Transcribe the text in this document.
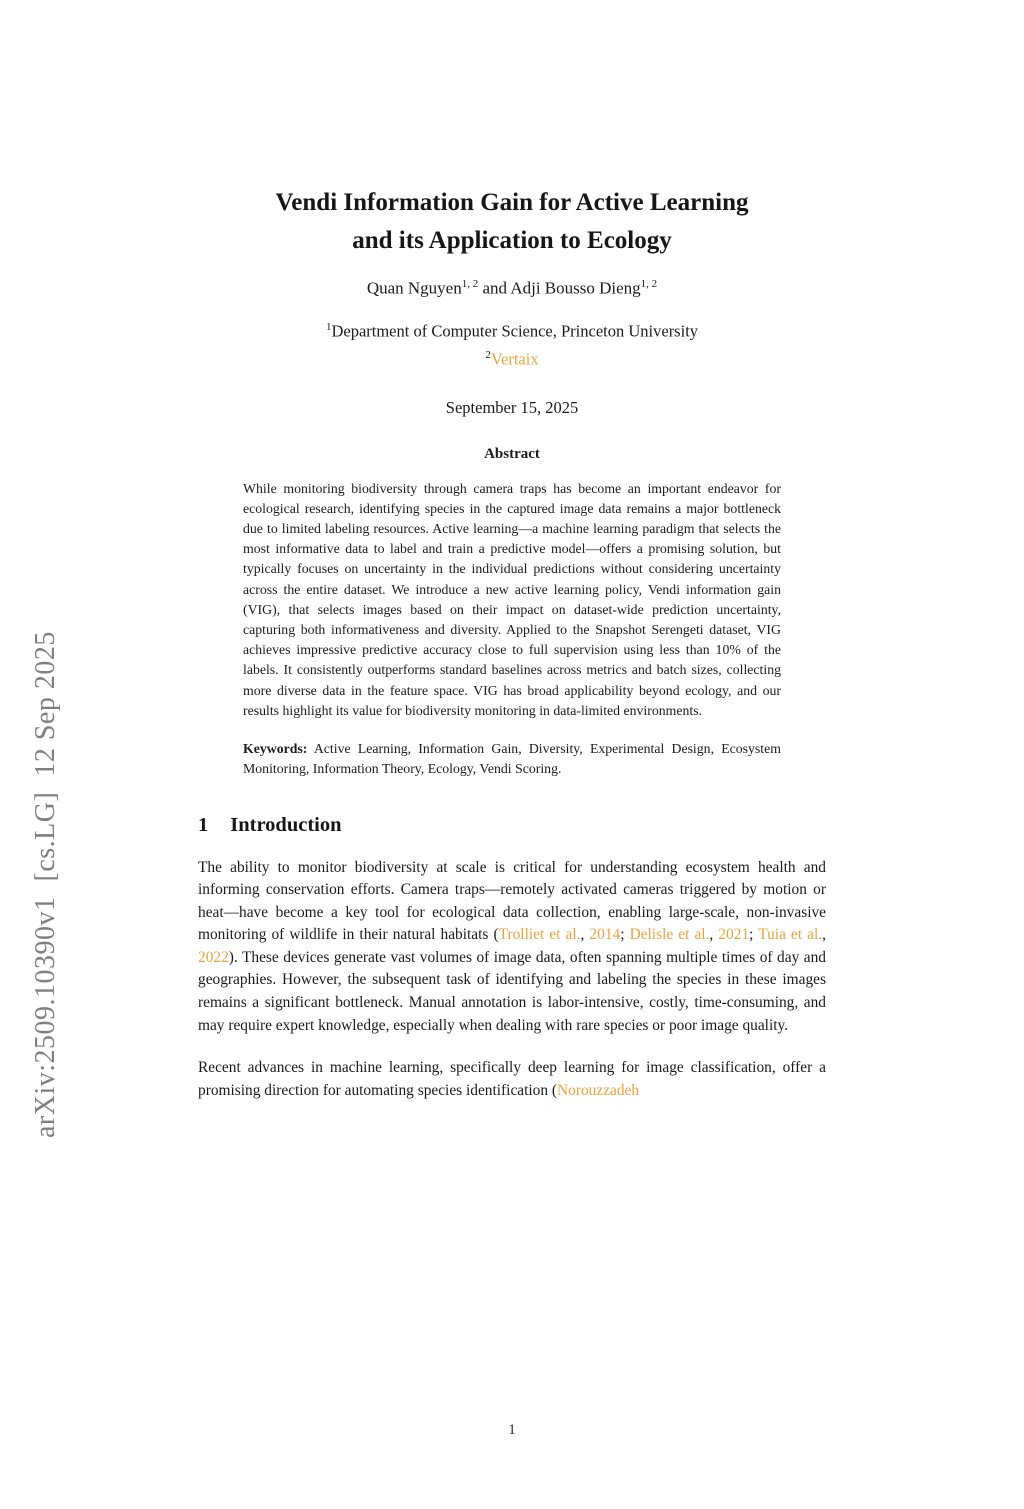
arXiv:2509.10390v1  [cs.LG]  12 Sep 2025
Vendi Information Gain for Active Learning
and its Application to Ecology

Quan Nguyen$^{1, 2}$ and Adji Bousso Dieng$^{1, 2}$

$^1$Department of Computer Science, Princeton University

$^2$Vertaix

September 15, 2025

Abstract

While monitoring biodiversity through camera traps has become an important endeavor for ecological research, identifying species in the captured image data remains a major bottleneck due to limited labeling resources. Active learning—a machine learning paradigm that selects the most informative data to label and train a predictive model—offers a promising solution, but typically focuses on uncertainty in the individual predictions without considering uncertainty across the entire dataset. We introduce a new active learning policy, Vendi information gain (VIG), that selects images based on their impact on dataset-wide prediction uncertainty, capturing both informativeness and diversity. Applied to the Snapshot Serengeti dataset, VIG achieves impressive predictive accuracy close to full supervision using less than 10% of the labels. It consistently outperforms standard baselines across metrics and batch sizes, collecting more diverse data in the feature space. VIG has broad applicability beyond ecology, and our results highlight its value for biodiversity monitoring in data-limited environments.

Keywords: Active Learning, Information Gain, Diversity, Experimental Design, Ecosystem Monitoring, Information Theory, Ecology, Vendi Scoring.

1 Introduction

The ability to monitor biodiversity at scale is critical for understanding ecosystem health and informing conservation efforts. Camera traps—remotely activated cameras triggered by motion or heat—have become a key tool for ecological data collection, enabling large-scale, non-invasive monitoring of wildlife in their natural habitats (Trolliet et al., 2014; Delisle et al., 2021; Tuia et al., 2022). These devices generate vast volumes of image data, often spanning multiple times of day and geographies. However, the subsequent task of identifying and labeling the species in these images remains a significant bottleneck. Manual annotation is labor-intensive, costly, time-consuming, and may require expert knowledge, especially when dealing with rare species or poor image quality.

Recent advances in machine learning, specifically deep learning for image classification, offer a promising direction for automating species identification (Norouzzadeh

1
